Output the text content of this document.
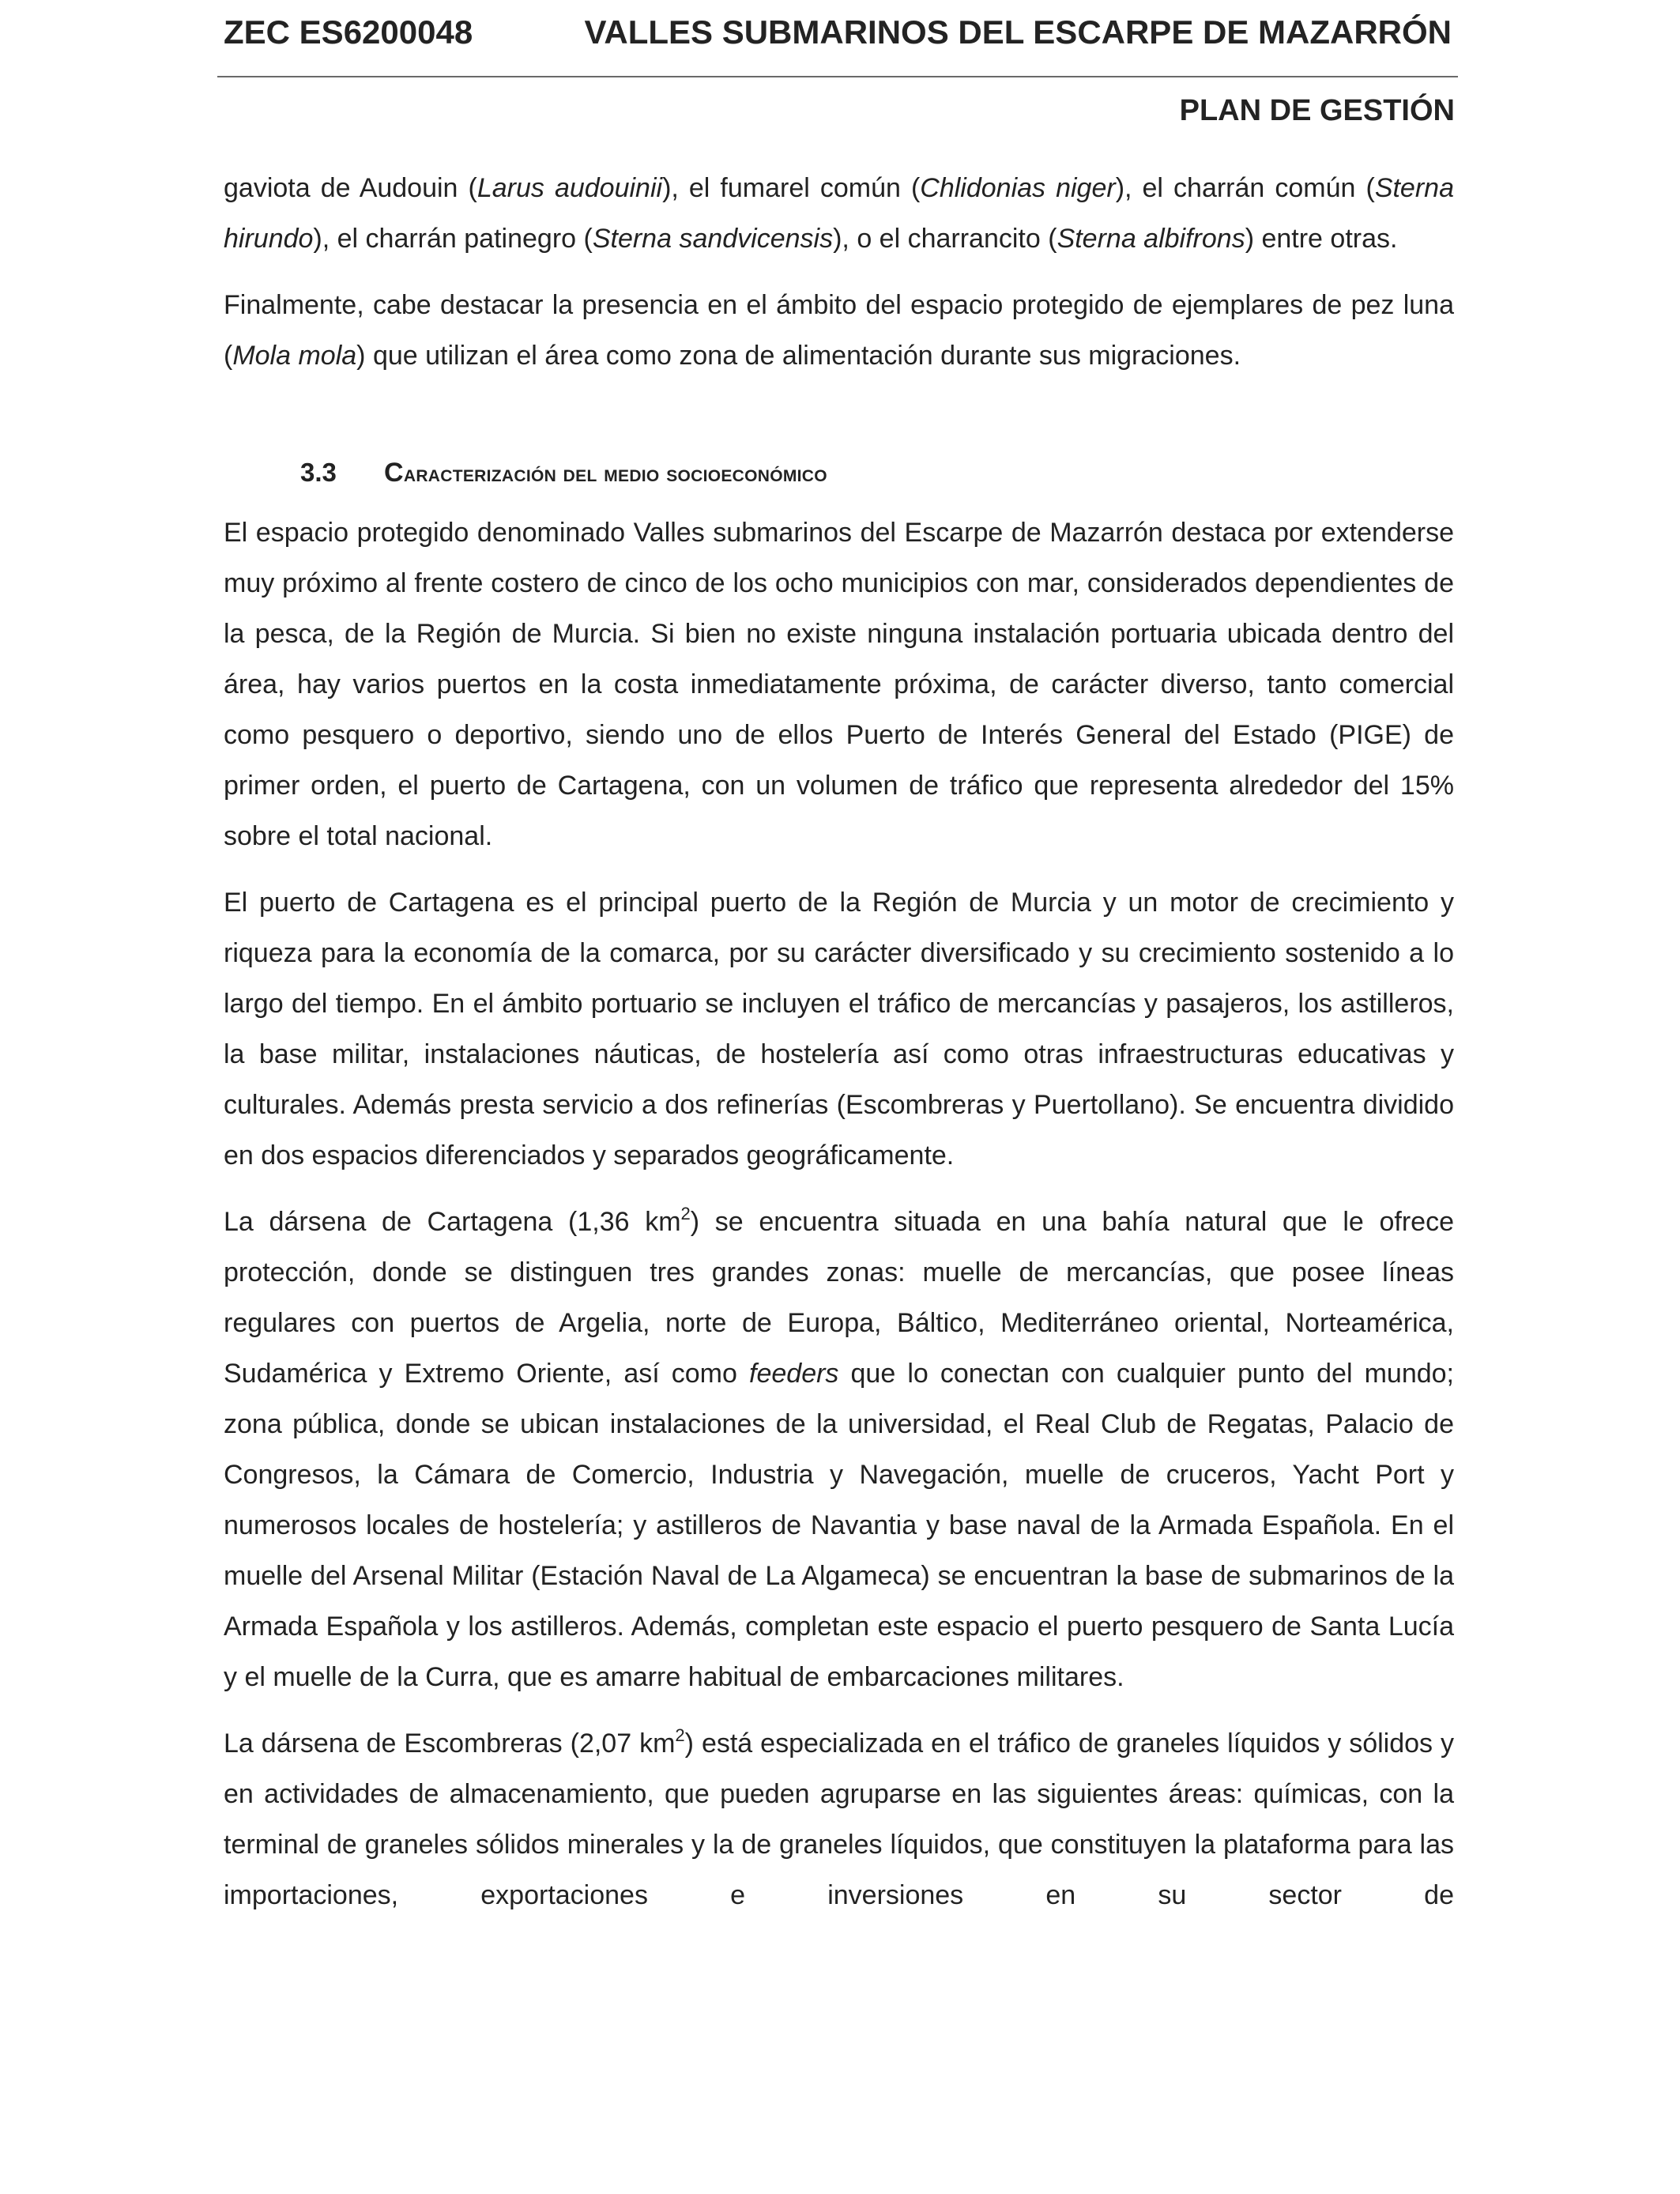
ZEC ES6200048	VALLES SUBMARINOS DEL ESCARPE DE MAZARRÓN
PLAN DE GESTIÓN

gaviota de Audouin (Larus audouinii), el fumarel común (Chlidonias niger), el charrán común (Sterna hirundo), el charrán patinegro (Sterna sandvicensis), o el charrancito (Sterna albifrons) entre otras.

Finalmente, cabe destacar la presencia en el ámbito del espacio protegido de ejemplares de pez luna (Mola mola) que utilizan el área como zona de alimentación durante sus migraciones.

3.3 Caracterización del medio socioeconómico

El espacio protegido denominado Valles submarinos del Escarpe de Mazarrón destaca por extenderse muy próximo al frente costero de cinco de los ocho municipios con mar, considerados dependientes de la pesca, de la Región de Murcia. Si bien no existe ninguna instalación portuaria ubicada dentro del área, hay varios puertos en la costa inmediatamente próxima, de carácter diverso, tanto comercial como pesquero o deportivo, siendo uno de ellos Puerto de Interés General del Estado (PIGE) de primer orden, el puerto de Cartagena, con un volumen de tráfico que representa alrededor del 15% sobre el total nacional.

El puerto de Cartagena es el principal puerto de la Región de Murcia y un motor de crecimiento y riqueza para la economía de la comarca, por su carácter diversificado y su crecimiento sostenido a lo largo del tiempo. En el ámbito portuario se incluyen el tráfico de mercancías y pasajeros, los astilleros, la base militar, instalaciones náuticas, de hostelería así como otras infraestructuras educativas y culturales. Además presta servicio a dos refinerías (Escombreras y Puertollano). Se encuentra dividido en dos espacios diferenciados y separados geográficamente.

La dársena de Cartagena (1,36 $km^2$) se encuentra situada en una bahía natural que le ofrece protección, donde se distinguen tres grandes zonas: muelle de mercancías, que posee líneas regulares con puertos de Argelia, norte de Europa, Báltico, Mediterráneo oriental, Norteamérica, Sudamérica y Extremo Oriente, así como feeders que lo conectan con cualquier punto del mundo; zona pública, donde se ubican instalaciones de la universidad, el Real Club de Regatas, Palacio de Congresos, la Cámara de Comercio, Industria y Navegación, muelle de cruceros, Yacht Port y numerosos locales de hostelería; y astilleros de Navantia y base naval de la Armada Española. En el muelle del Arsenal Militar (Estación Naval de La Algameca) se encuentran la base de submarinos de la Armada Española y los astilleros. Además, completan este espacio el puerto pesquero de Santa Lucía y el muelle de la Curra, que es amarre habitual de embarcaciones militares.

La dársena de Escombreras (2,07 $km^2$) está especializada en el tráfico de graneles líquidos y sólidos y en actividades de almacenamiento, que pueden agruparse en las siguientes áreas: químicas, con la terminal de graneles sólidos minerales y la de graneles líquidos, que constituyen la plataforma para las importaciones, exportaciones e inversiones en su sector de
